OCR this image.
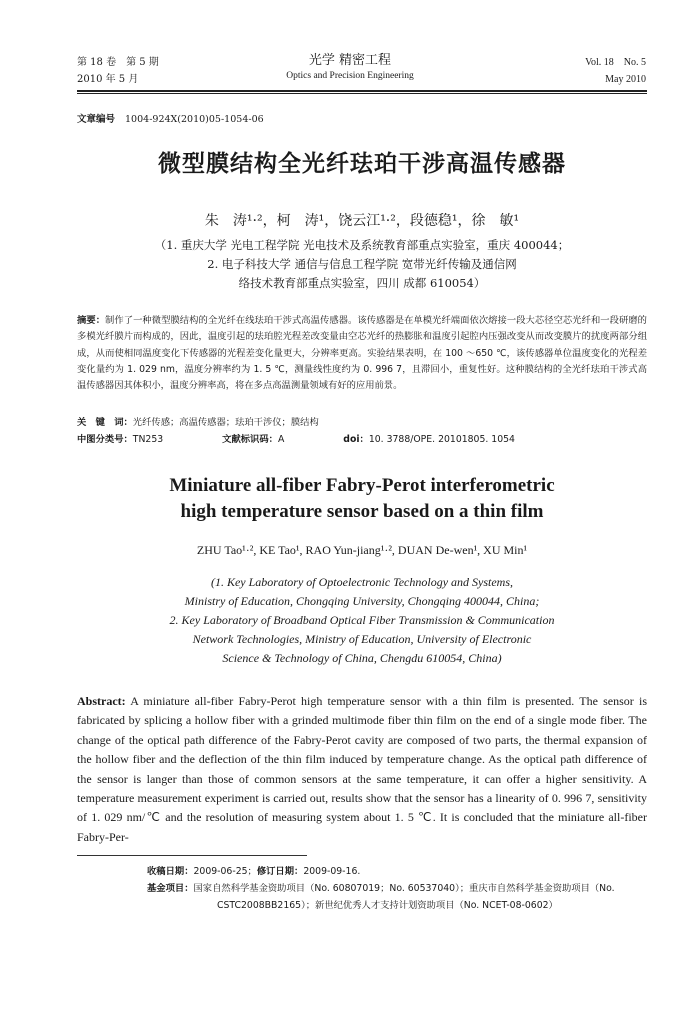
第 18 卷　第 5 期
2010 年 5 月
光学 精密工程
Optics and Precision Engineering
Vol. 18　No. 5
May 2010
文章编号 1004-924X(2010)05-1054-06
微型膜结构全光纤珐珀干涉高温传感器
朱　涛¹·²，柯　涛¹，饶云江¹·²，段德稳¹，徐　敏¹
（1. 重庆大学 光电工程学院 光电技术及系统教育部重点实验室，重庆 400044；
2. 电子科技大学 通信与信息工程学院 宽带光纤传输及通信网
络技术教育部重点实验室，四川 成都 610054）
摘要：制作了一种微型膜结构的全光纤在线珐珀干涉式高温传感器。该传感器是在单模光纤端面依次熔接一段大芯径空芯光纤和一段研磨的多模光纤膜片而构成的，因此，温度引起的珐珀腔光程差改变量由空芯光纤的热膨胀和温度引起腔内压强改变从而改变膜片的扰度两部分组成，从而使相同温度变化下传感器的光程差变化量更大，分辨率更高。实验结果表明，在 100 ～650 ℃，该传感器单位温度变化的光程差变化量约为 1. 029 nm，温度分辨率约为 1. 5 ℃，测量线性度约为 0. 996 7，且滞回小，重复性好。这种膜结构的全光纤珐珀干涉式高温传感器因其体积小，温度分辨率高，将在多点高温测量领域有好的应用前景。
关　键　词：光纤传感；高温传感器；珐珀干涉仪；膜结构
中图分类号：TN253	文献标识码：A	doi：10. 3788/OPE. 20101805. 1054
Miniature all-fiber Fabry-Perot interferometric
high temperature sensor based on a thin film
ZHU Tao¹·², KE Tao¹, RAO Yun-jiang¹·², DUAN De-wen¹, XU Min¹
(1. Key Laboratory of Optoelectronic Technology and Systems,
Ministry of Education, Chongqing University, Chongqing 400044, China;
2. Key Laboratory of Broadband Optical Fiber Transmission & Communication
Network Technologies, Ministry of Education, University of Electronic
Science & Technology of China, Chengdu 610054, China)
Abstract: A miniature all-fiber Fabry-Perot high temperature sensor with a thin film is presented. The sensor is fabricated by splicing a hollow fiber with a grinded multimode fiber thin film on the end of a single mode fiber. The change of the optical path difference of the Fabry-Perot cavity are composed of two parts, the thermal expansion of the hollow fiber and the deflection of the thin film induced by temperature change. As the optical path difference of the sensor is langer than those of common sensors at the same temperature, it can offer a higher sensitivity. A temperature measurement experiment is carried out, results show that the sensor has a linearity of 0. 996 7, sensitivity of 1. 029 nm/℃ and the resolution of measuring system about 1. 5 ℃. It is concluded that the miniature all-fiber Fabry-Per-
收稿日期：2009-06-25；修订日期：2009-09-16.
基金项目：国家自然科学基金资助项目（No. 60807019；No. 60537040）；重庆市自然科学基金资助项目（No.
CSTC2008BB2165）；新世纪优秀人才支持计划资助项目（No. NCET-08-0602）
